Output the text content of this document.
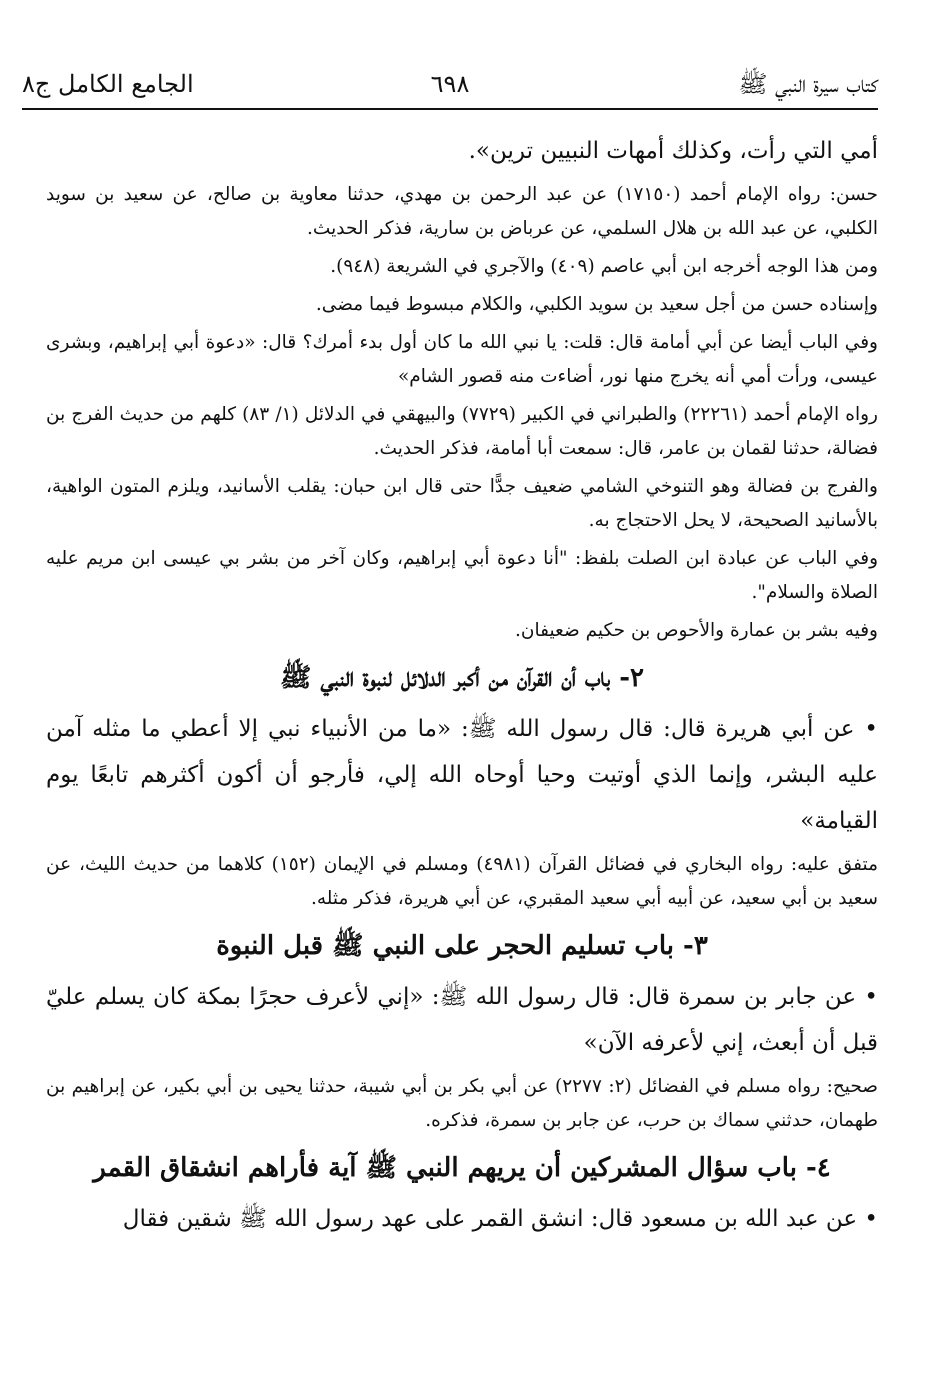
كتاب سيرة النبي ﷺ
٦٩٨
الجامع الكامل ج٨

أمي التي رأت، وكذلك أمهات النبيين ترين».

حسن: رواه الإمام أحمد (١٧١٥٠) عن عبد الرحمن بن مهدي، حدثنا معاوية بن صالح، عن سعيد بن سويد الكلبي، عن عبد الله بن هلال السلمي، عن عرباض بن سارية، فذكر الحديث.

ومن هذا الوجه أخرجه ابن أبي عاصم (٤٠٩) والآجري في الشريعة (٩٤٨).

وإسناده حسن من أجل سعيد بن سويد الكلبي، والكلام مبسوط فيما مضى.

وفي الباب أيضا عن أبي أمامة قال: قلت: يا نبي الله ما كان أول بدء أمرك؟ قال: «دعوة أبي إبراهيم، وبشرى عيسى، ورأت أمي أنه يخرج منها نور، أضاءت منه قصور الشام»

رواه الإمام أحمد (٢٢٢٦١) والطبراني في الكبير (٧٧٢٩) والبيهقي في الدلائل (١/ ٨٣) كلهم من حديث الفرج بن فضالة، حدثنا لقمان بن عامر، قال: سمعت أبا أمامة، فذكر الحديث.

والفرج بن فضالة وهو التنوخي الشامي ضعيف جدًّا حتى قال ابن حبان: يقلب الأسانيد، ويلزم المتون الواهية، بالأسانيد الصحيحة، لا يحل الاحتجاج به.

وفي الباب عن عبادة ابن الصلت بلفظ: "أنا دعوة أبي إبراهيم، وكان آخر من بشر بي عيسى ابن مريم عليه الصلاة والسلام".

وفيه بشر بن عمارة والأحوص بن حكيم ضعيفان.

٢- باب أن القرآن من أكبر الدلائل لنبوة النبي ﷺ

• عن أبي هريرة قال: قال رسول الله ﷺ: «ما من الأنبياء نبي إلا أعطي ما مثله آمن عليه البشر، وإنما الذي أوتيت وحيا أوحاه الله إلي، فأرجو أن أكون أكثرهم تابعًا يوم القيامة»

متفق عليه: رواه البخاري في فضائل القرآن (٤٩٨١) ومسلم في الإيمان (١٥٢) كلاهما من حديث الليث، عن سعيد بن أبي سعيد، عن أبيه أبي سعيد المقبري، عن أبي هريرة، فذكر مثله.

٣- باب تسليم الحجر على النبي ﷺ قبل النبوة

• عن جابر بن سمرة قال: قال رسول الله ﷺ: «إني لأعرف حجرًا بمكة كان يسلم عليّ قبل أن أبعث، إني لأعرفه الآن»

صحيح: رواه مسلم في الفضائل (٢: ٢٢٧٧) عن أبي بكر بن أبي شيبة، حدثنا يحيى بن أبي بكير، عن إبراهيم بن طهمان، حدثني سماك بن حرب، عن جابر بن سمرة، فذكره.

٤- باب سؤال المشركين أن يريهم النبي ﷺ آية فأراهم انشقاق القمر

• عن عبد الله بن مسعود قال: انشق القمر على عهد رسول الله ﷺ شقين فقال
